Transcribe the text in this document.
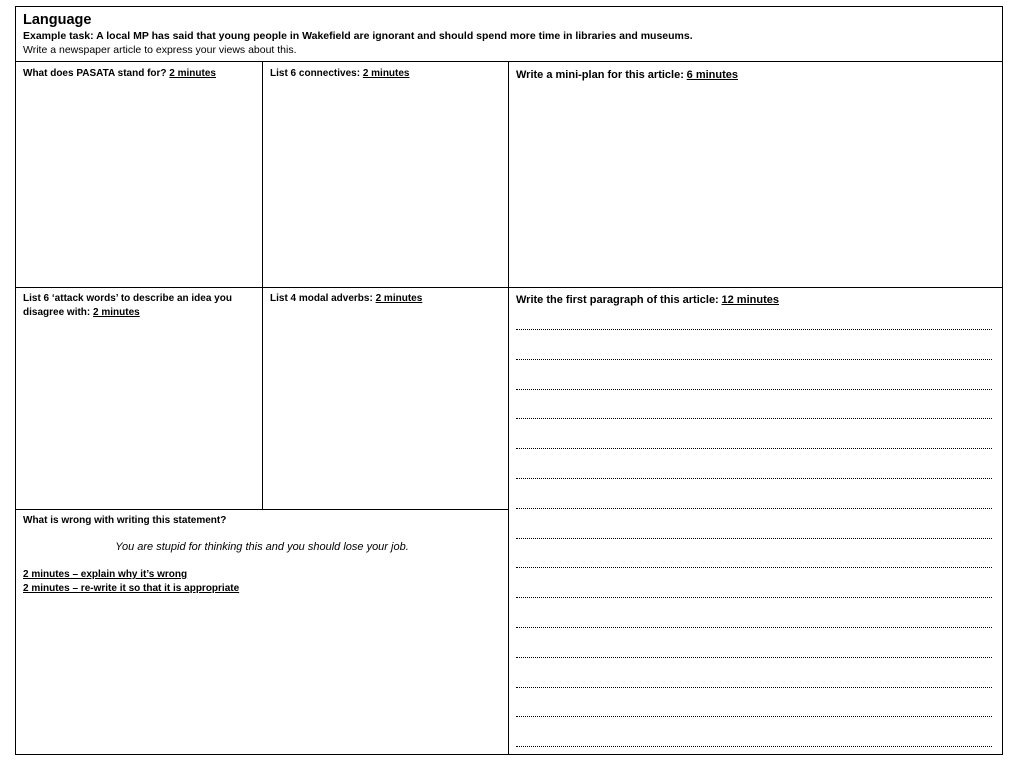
Language
Example task: A local MP has said that young people in Wakefield are ignorant and should spend more time in libraries and museums.
Write a newspaper article to express your views about this.
What does PASATA stand for? 2 minutes	List 6 connectives: 2 minutes	Write a mini-plan for this article: 6 minutes
List 6 ‘attack words’ to describe an idea you disagree with: 2 minutes
List 4 modal adverbs: 2 minutes	Write the first paragraph of this article: 12 minutes
What is wrong with writing this statement?
You are stupid for thinking this and you should lose your job.
2 minutes – explain why it’s wrong
2 minutes – re-write it so that it is appropriate
